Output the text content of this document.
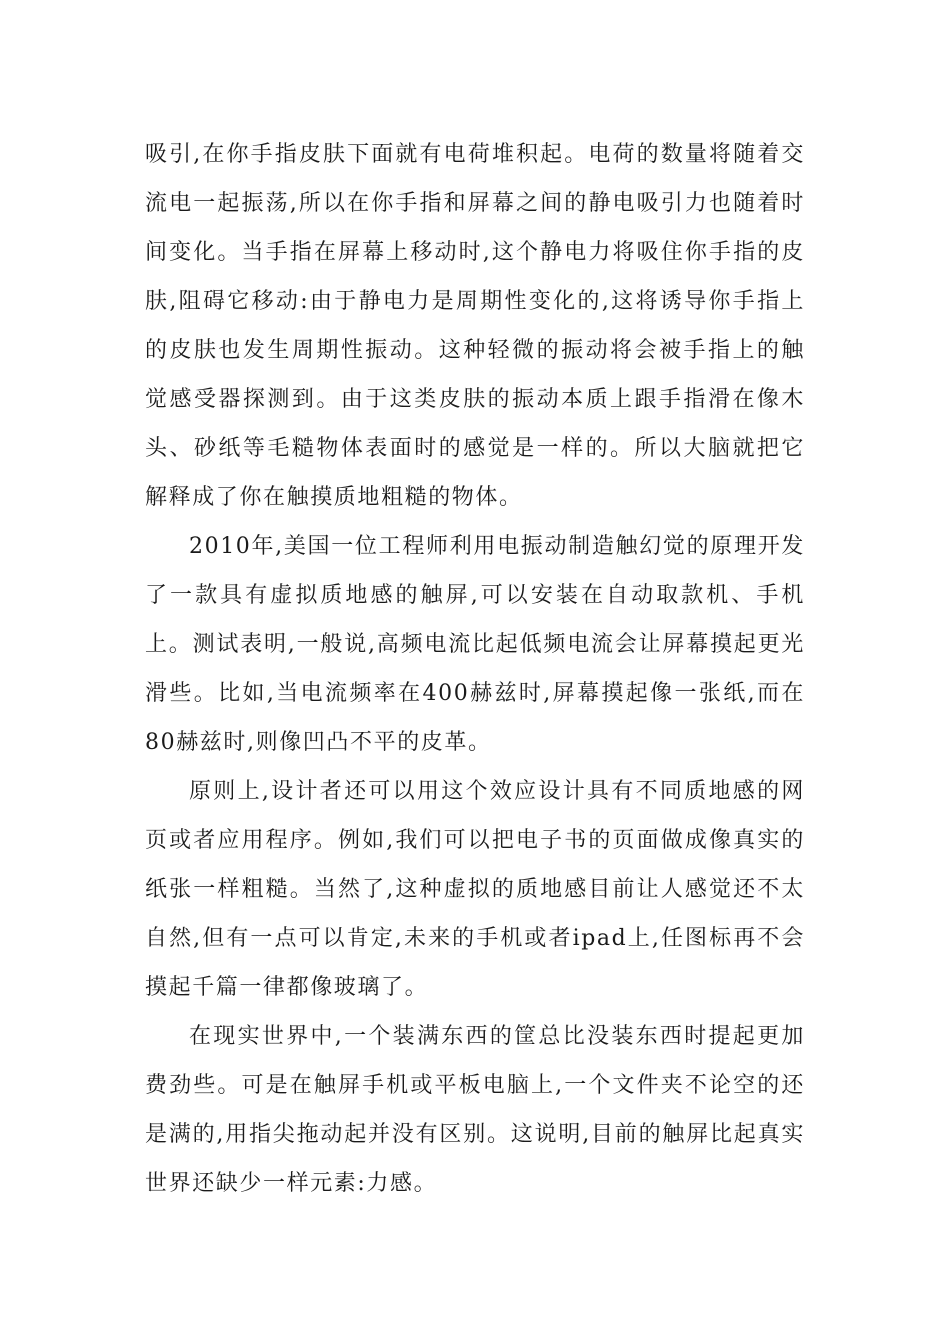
吸引,在你手指皮肤下面就有电荷堆积起。电荷的数量将随着交流电一起振荡,所以在你手指和屏幕之间的静电吸引力也随着时间变化。当手指在屏幕上移动时,这个静电力将吸住你手指的皮肤,阻碍它移动:由于静电力是周期性变化的,这将诱导你手指上的皮肤也发生周期性振动。这种轻微的振动将会被手指上的触觉感受器探测到。由于这类皮肤的振动本质上跟手指滑在像木头、砂纸等毛糙物体表面时的感觉是一样的。所以大脑就把它解释成了你在触摸质地粗糙的物体。

2010年,美国一位工程师利用电振动制造触幻觉的原理开发了一款具有虚拟质地感的触屏,可以安装在自动取款机、手机上。测试表明,一般说,高频电流比起低频电流会让屏幕摸起更光滑些。比如,当电流频率在400赫兹时,屏幕摸起像一张纸,而在80赫兹时,则像凹凸不平的皮革。

原则上,设计者还可以用这个效应设计具有不同质地感的网页或者应用程序。例如,我们可以把电子书的页面做成像真实的纸张一样粗糙。当然了,这种虚拟的质地感目前让人感觉还不太自然,但有一点可以肯定,未来的手机或者ipad上,任图标再不会摸起千篇一律都像玻璃了。

在现实世界中,一个装满东西的筐总比没装东西时提起更加费劲些。可是在触屏手机或平板电脑上,一个文件夹不论空的还是满的,用指尖拖动起并没有区别。这说明,目前的触屏比起真实世界还缺少一样元素:力感。
